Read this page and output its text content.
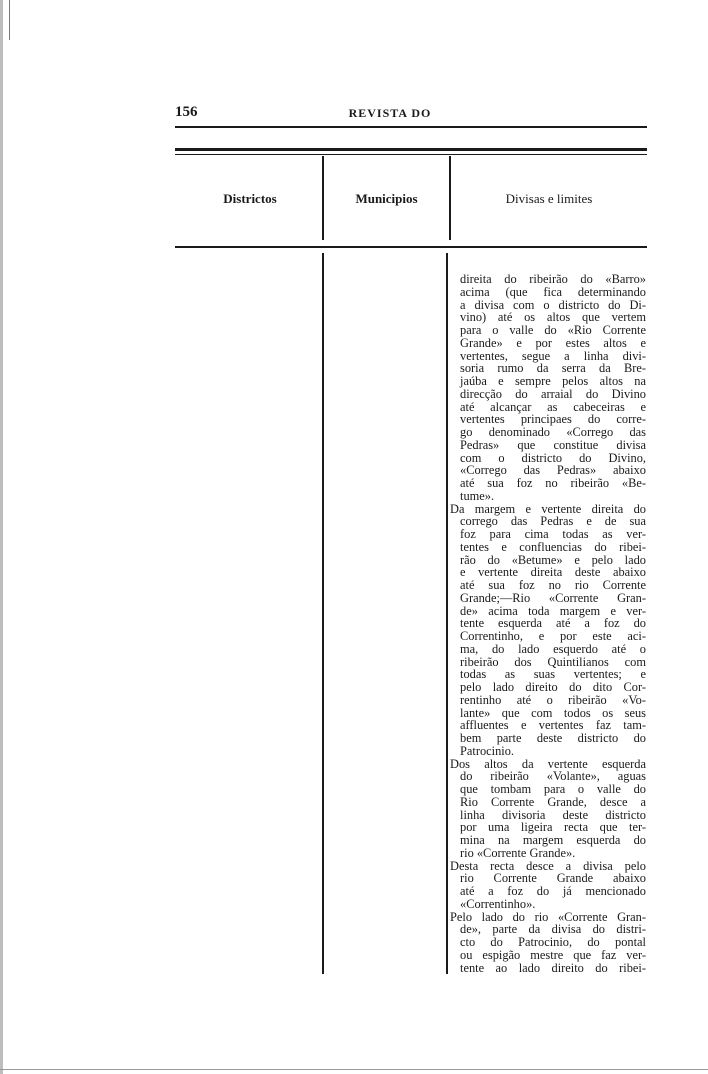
156	REVISTA DO
Districtos	Municipios	Divisas e limites
direita do ribeirão do «Barro»
acima (que fica determinando
a divisa com o districto do Di-
vino) até os altos que vertem
para o valle do «Rio Corrente
Grande» e por estes altos e
vertentes, segue a linha divi-
soria rumo da serra da Bre-
jaúba e sempre pelos altos na
direcção do arraial do Divino
até alcançar as cabeceiras e
vertentes principaes do corre-
go denominado «Corrego das
Pedras» que constitue divisa
com o districto do Divino,
«Corrego das Pedras» abaixo
até sua foz no ribeirão «Be-
tume».
Da margem e vertente direita do
corrego das Pedras e de sua
foz para cima todas as ver-
tentes e confluencias do ribei-
rão do «Betume» e pelo lado
e vertente direita deste abaixo
até sua foz no rio Corrente
Grande;—Rio «Corrente Gran-
de» acima toda margem e ver-
tente esquerda até a foz do
Correntinho, e por este aci-
ma, do lado esquerdo até o
ribeirão dos Quintilianos com
todas as suas vertentes; e
pelo lado direito do dito Cor-
rentinho até o ribeirão «Vo-
lante» que com todos os seus
affluentes e vertentes faz tam-
bem parte deste districto do
Patrocinio.
Dos altos da vertente esquerda
do ribeirão «Volante», aguas
que tombam para o valle do
Rio Corrente Grande, desce a
linha divisoria deste districto
por uma ligeira recta que ter-
mina na margem esquerda do
rio «Corrente Grande».
Desta recta desce a divisa pelo
rio Corrente Grande abaixo
até a foz do já mencionado
«Correntinho».
Pelo lado do rio «Corrente Gran-
de», parte da divisa do distri-
cto do Patrocinio, do pontal
ou espigão mestre que faz ver-
tente ao lado direito do ribei-
